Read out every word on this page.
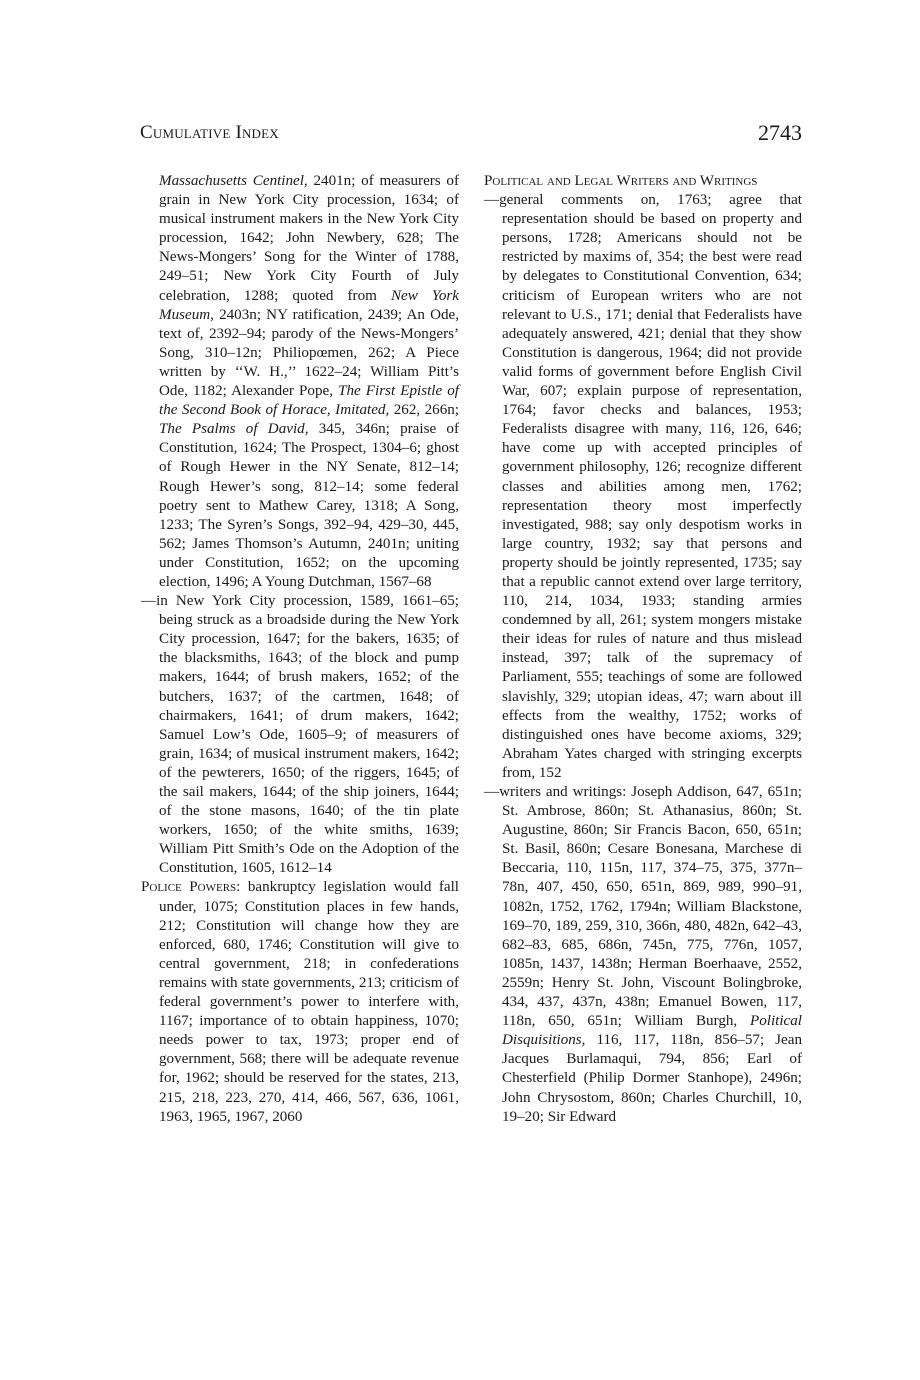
Cumulative Index	2743

Massachusetts Centinel, 2401n; of measurers of grain in New York City procession, 1634; of musical instrument makers in the New York City procession, 1642; John Newbery, 628; The News-Mongers’ Song for the Winter of 1788, 249–51; New York City Fourth of July celebration, 1288; quoted from New York Museum, 2403n; NY ratification, 2439; An Ode, text of, 2392–94; parody of the News-Mongers’ Song, 310–12n; Philiopœmen, 262; A Piece written by ‘‘W. H.,’’ 1622–24; William Pitt’s Ode, 1182; Alexander Pope, The First Epistle of the Second Book of Horace, Imitated, 262, 266n; The Psalms of David, 345, 346n; praise of Constitution, 1624; The Prospect, 1304–6; ghost of Rough Hewer in the NY Senate, 812–14; Rough Hewer’s song, 812–14; some federal poetry sent to Mathew Carey, 1318; A Song, 1233; The Syren’s Songs, 392–94, 429–30, 445, 562; James Thomson’s Autumn, 2401n; uniting under Constitution, 1652; on the upcoming election, 1496; A Young Dutchman, 1567–68

—in New York City procession, 1589, 1661–65; being struck as a broadside during the New York City procession, 1647; for the bakers, 1635; of the blacksmiths, 1643; of the block and pump makers, 1644; of brush makers, 1652; of the butchers, 1637; of the cartmen, 1648; of chairmakers, 1641; of drum makers, 1642; Samuel Low’s Ode, 1605–9; of measurers of grain, 1634; of musical instrument makers, 1642; of the pewterers, 1650; of the riggers, 1645; of the sail makers, 1644; of the ship joiners, 1644; of the stone masons, 1640; of the tin plate workers, 1650; of the white smiths, 1639; William Pitt Smith’s Ode on the Adoption of the Constitution, 1605, 1612–14

Police Powers: bankruptcy legislation would fall under, 1075; Constitution places in few hands, 212; Constitution will change how they are enforced, 680, 1746; Constitution will give to central government, 218; in confederations remains with state governments, 213; criticism of federal government’s power to interfere with, 1167; importance of to obtain happiness, 1070; needs power to tax, 1973; proper end of government, 568; there will be adequate revenue for, 1962; should be reserved for the states, 213, 215, 218, 223, 270, 414, 466, 567, 636, 1061, 1963, 1965, 1967, 2060

Political and Legal Writers and Writings

—general comments on, 1763; agree that representation should be based on property and persons, 1728; Americans should not be restricted by maxims of, 354; the best were read by delegates to Constitutional Convention, 634; criticism of European writers who are not relevant to U.S., 171; denial that Federalists have adequately answered, 421; denial that they show Constitution is dangerous, 1964; did not provide valid forms of government before English Civil War, 607; explain purpose of representation, 1764; favor checks and balances, 1953; Federalists disagree with many, 116, 126, 646; have come up with accepted principles of government philosophy, 126; recognize different classes and abilities among men, 1762; representation theory most imperfectly investigated, 988; say only despotism works in large country, 1932; say that persons and property should be jointly represented, 1735; say that a republic cannot extend over large territory, 110, 214, 1034, 1933; standing armies condemned by all, 261; system mongers mistake their ideas for rules of nature and thus mislead instead, 397; talk of the supremacy of Parliament, 555; teachings of some are followed slavishly, 329; utopian ideas, 47; warn about ill effects from the wealthy, 1752; works of distinguished ones have become axioms, 329; Abraham Yates charged with stringing excerpts from, 152

—writers and writings: Joseph Addison, 647, 651n; St. Ambrose, 860n; St. Athanasius, 860n; St. Augustine, 860n; Sir Francis Bacon, 650, 651n; St. Basil, 860n; Cesare Bonesana, Marchese di Beccaria, 110, 115n, 117, 374–75, 375, 377n–78n, 407, 450, 650, 651n, 869, 989, 990–91, 1082n, 1752, 1762, 1794n; William Blackstone, 169–70, 189, 259, 310, 366n, 480, 482n, 642–43, 682–83, 685, 686n, 745n, 775, 776n, 1057, 1085n, 1437, 1438n; Herman Boerhaave, 2552, 2559n; Henry St. John, Viscount Bolingbroke, 434, 437, 437n, 438n; Emanuel Bowen, 117, 118n, 650, 651n; William Burgh, Political Disquisitions, 116, 117, 118n, 856–57; Jean Jacques Burlamaqui, 794, 856; Earl of Chesterfield (Philip Dormer Stanhope), 2496n; John Chrysostom, 860n; Charles Churchill, 10, 19–20; Sir Edward
